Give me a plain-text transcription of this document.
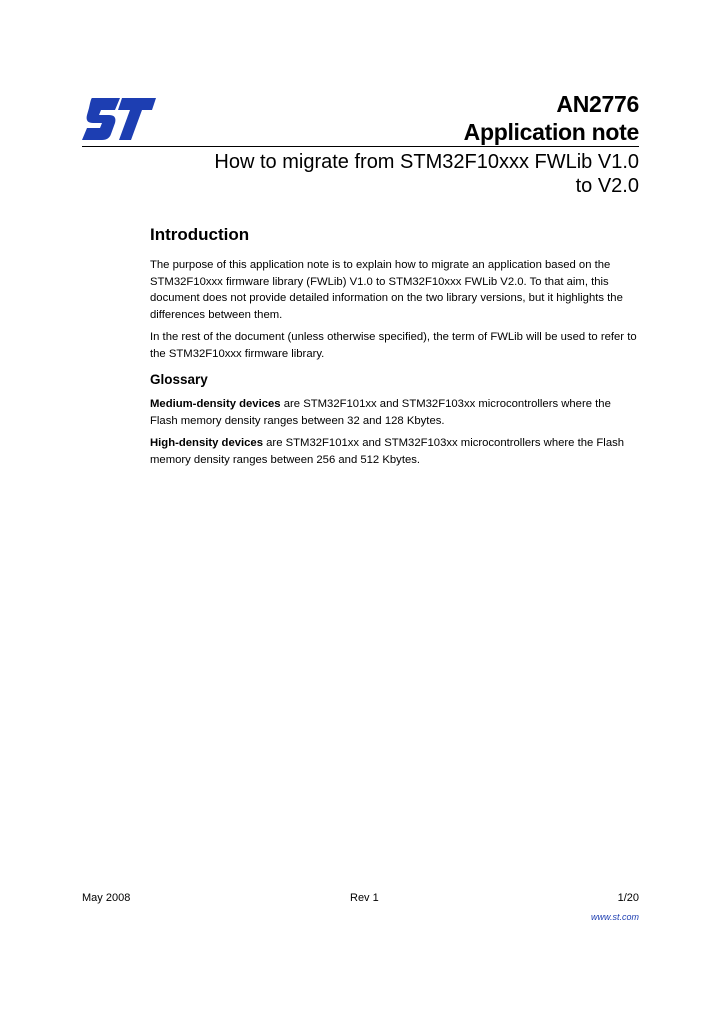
AN2776
Application note
How to migrate from STM32F10xxx FWLib V1.0
to V2.0
Introduction

The purpose of this application note is to explain how to migrate an application based on the STM32F10xxx firmware library (FWLib) V1.0 to STM32F10xxx FWLib V2.0. To that aim, this document does not provide detailed information on the two library versions, but it highlights the differences between them.

In the rest of the document (unless otherwise specified), the term of FWLib will be used to refer to the STM32F10xxx firmware library.

Glossary

Medium-density devices are STM32F101xx and STM32F103xx microcontrollers where the Flash memory density ranges between 32 and 128 Kbytes.

High-density devices are STM32F101xx and STM32F103xx microcontrollers where the Flash memory density ranges between 256 and 512 Kbytes.

May 2008	Rev 1	1/20
www.st.com
